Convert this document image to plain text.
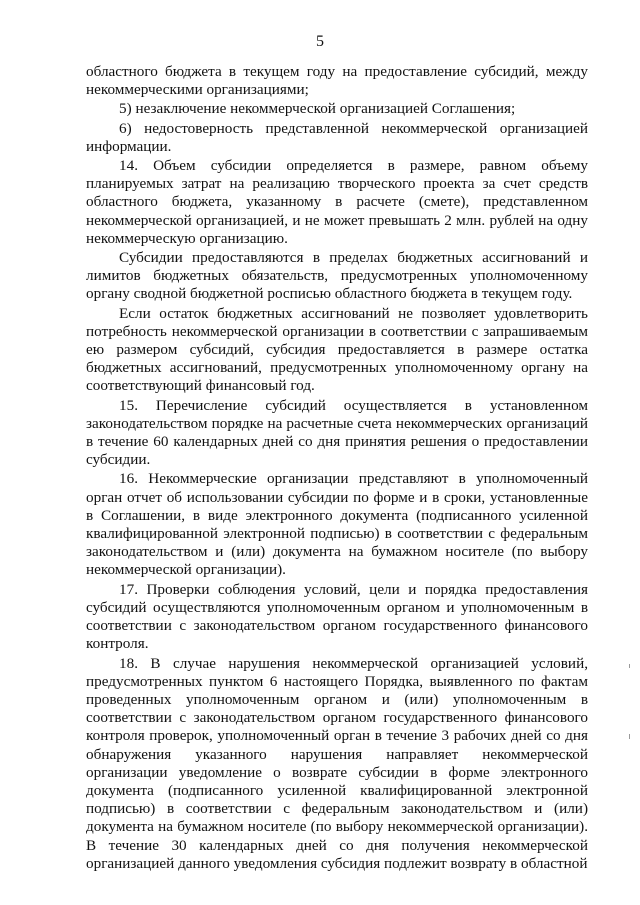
5

областного бюджета в текущем году на предоставление субсидий, между некоммерческими организациями;

5) незаключение некоммерческой организацией Соглашения;

6) недостоверность представленной некоммерческой организацией информации.

14. Объем субсидии определяется в размере, равном объему планируемых затрат на реализацию творческого проекта за счет средств областного бюджета, указанному в расчете (смете), представленном некоммерческой организацией, и не может превышать 2 млн. рублей на одну некоммерческую организацию.

Субсидии предоставляются в пределах бюджетных ассигнований и лимитов бюджетных обязательств, предусмотренных уполномоченному органу сводной бюджетной росписью областного бюджета в текущем году.

Если остаток бюджетных ассигнований не позволяет удовлетворить потребность некоммерческой организации в соответствии с запрашиваемым ею размером субсидий, субсидия предоставляется в размере остатка бюджетных ассигнований, предусмотренных уполномоченному органу на соответствующий финансовый год.

15. Перечисление субсидий осуществляется в установленном законодательством порядке на расчетные счета некоммерческих организаций в течение 60 календарных дней со дня принятия решения о предоставлении субсидии.

16. Некоммерческие организации представляют в уполномоченный орган отчет об использовании субсидии по форме и в сроки, установленные в Соглашении, в виде электронного документа (подписанного усиленной квалифицированной электронной подписью) в соответствии с федеральным законодательством и (или) документа на бумажном носителе (по выбору некоммерческой организации).

17. Проверки соблюдения условий, цели и порядка предоставления субсидий осуществляются уполномоченным органом и уполномоченным в соответствии с законодательством органом государственного финансового контроля.

18. В случае нарушения некоммерческой организацией условий, предусмотренных пунктом 6 настоящего Порядка, выявленного по фактам проведенных уполномоченным органом и (или) уполномоченным в соответствии с законодательством органом государственного финансового контроля проверок, уполномоченный орган в течение 3 рабочих дней со дня обнаружения указанного нарушения направляет некоммерческой организации уведомление о возврате субсидии в форме электронного документа (подписанного усиленной квалифицированной электронной подписью) в соответствии с федеральным законодательством и (или) документа на бумажном носителе (по выбору некоммерческой организации). В течение 30 календарных дней со дня получения некоммерческой организацией данного уведомления субсидия подлежит возврату в областной
